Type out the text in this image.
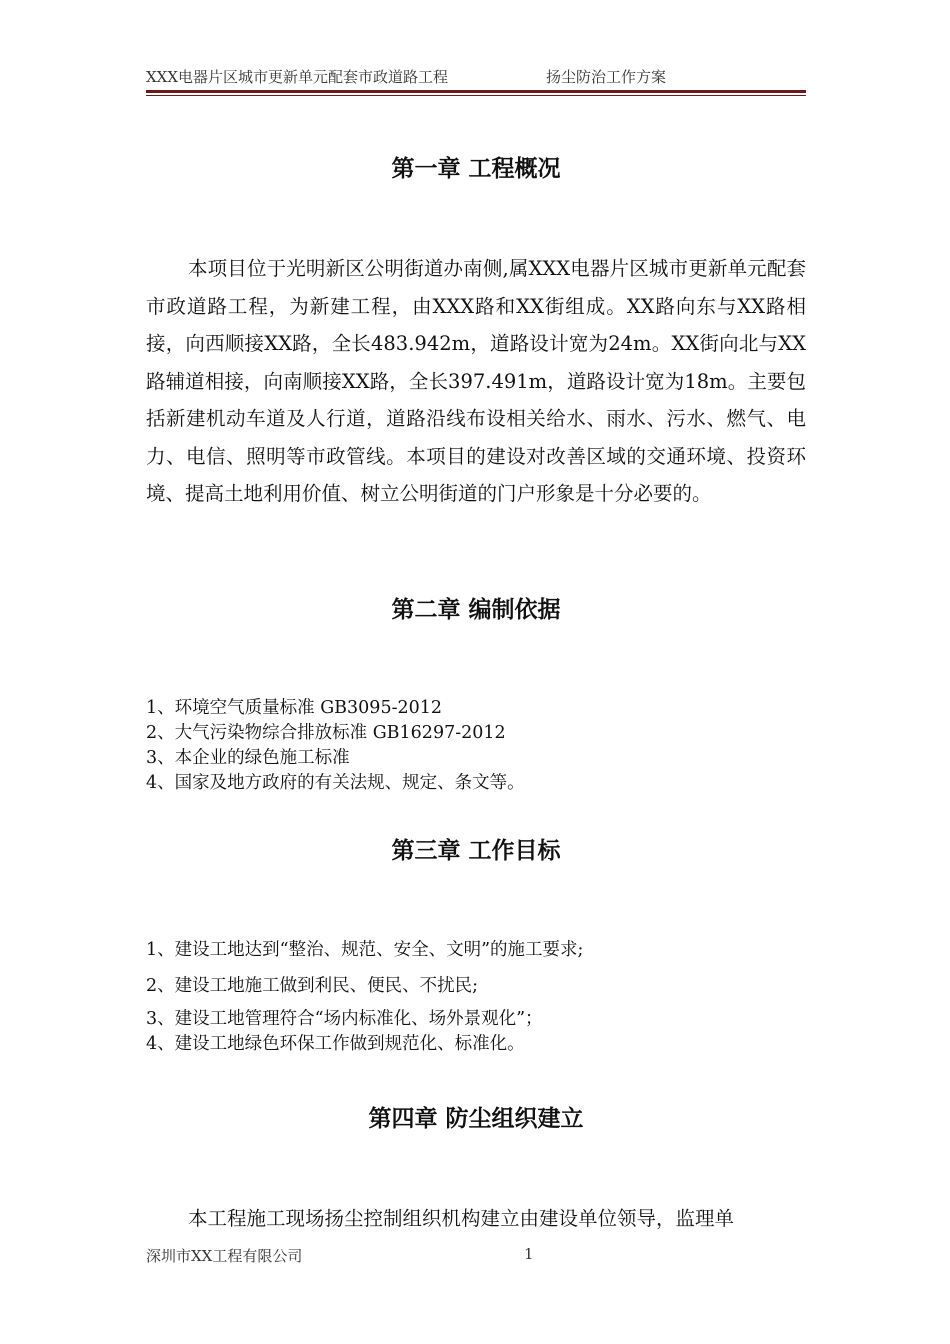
XXX电器片区城市更新单元配套市政道路工程	扬尘防治工作方案
第一章 工程概况

本项目位于光明新区公明街道办南侧,属XXX电器片区城市更新单元配套市政道路工程，为新建工程，由XXX路和XX街组成。XX路向东与XX路相接，向西顺接XX路，全长483.942m，道路设计宽为24m。XX街向北与XX路辅道相接，向南顺接XX路，全长397.491m，道路设计宽为18m。主要包括新建机动车道及人行道，道路沿线布设相关给水、雨水、污水、燃气、电力、电信、照明等市政管线。本项目的建设对改善区域的交通环境、投资环境、提高土地利用价值、树立公明街道的门户形象是十分必要的。

第二章 编制依据
1、环境空气质量标准 GB3095-2012
2、大气污染物综合排放标准 GB16297-2012
3、本企业的绿色施工标准
4、国家及地方政府的有关法规、规定、条文等。
第三章 工作目标
1、建设工地达到“整治、规范、安全、文明”的施工要求;
2、建设工地施工做到利民、便民、不扰民;
3、建设工地管理符合“场内标准化、场外景观化”；
4、建设工地绿色环保工作做到规范化、标准化。
第四章 防尘组织建立

本工程施工现场扬尘控制组织机构建立由建设单位领导，监理单

深圳市XX工程有限公司	1
